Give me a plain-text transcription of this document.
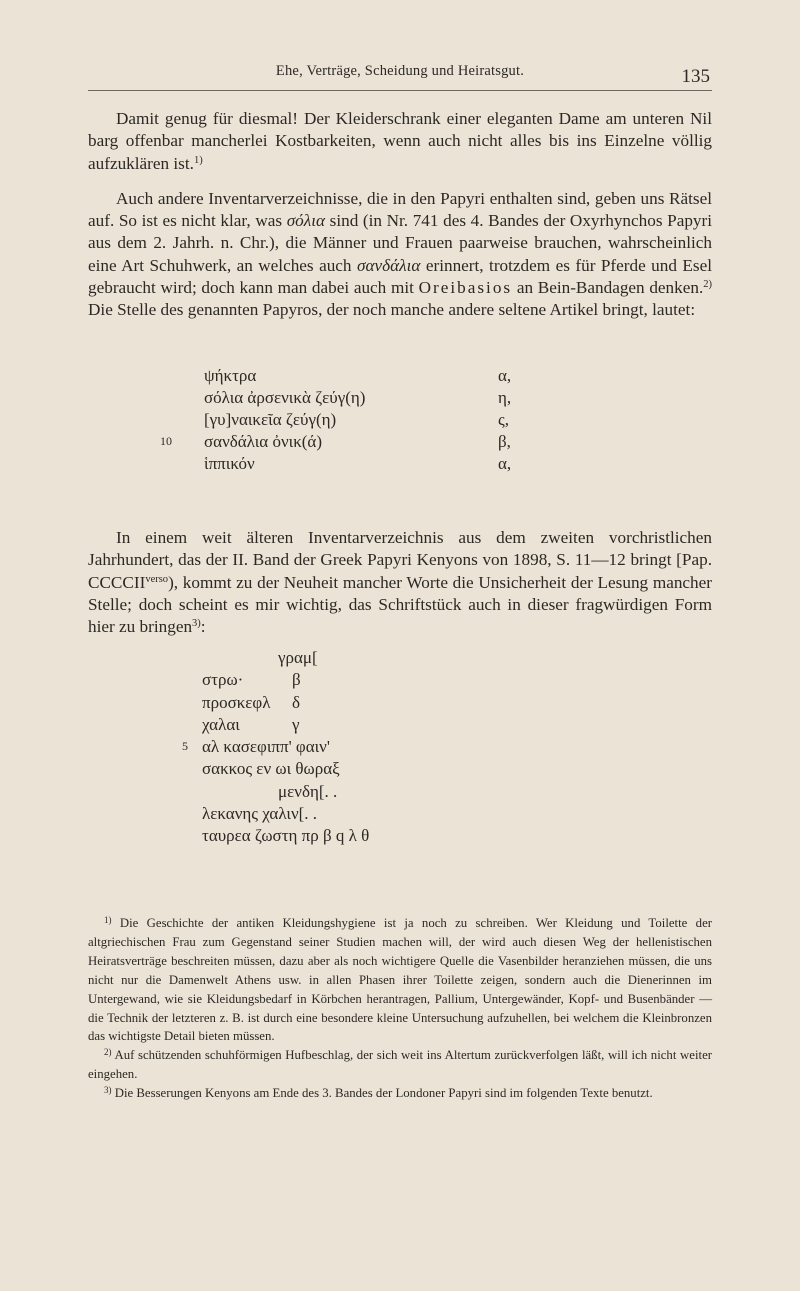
Ehe, Verträge, Scheidung und Heiratsgut.	135

Damit genug für diesmal! Der Kleiderschrank einer eleganten Dame am unteren Nil barg offenbar mancherlei Kostbarkeiten, wenn auch nicht alles bis ins Einzelne völlig aufzuklären ist.$^{1)}$

Auch andere Inventarverzeichnisse, die in den Papyri enthalten sind, geben uns Rätsel auf. So ist es nicht klar, was σόλια sind (in Nr. 741 des 4. Bandes der Oxyrhynchos Papyri aus dem 2. Jahrh. n. Chr.), die Männer und Frauen paarweise brauchen, wahrscheinlich eine Art Schuhwerk, an welches auch σανδάλια erinnert, trotzdem es für Pferde und Esel gebraucht wird; doch kann man dabei auch mit Oreibasios an Bein-Bandagen denken.$^{2)}$ Die Stelle des genannten Papyros, der noch manche andere seltene Artikel bringt, lautet:

ψήκτρα	α,
σόλια ἀρσενικὰ ζεύγ(η)	η,
[γυ]ναικεῖα ζεύγ(η)	ς,
10 σανδάλια ὀνικ(ά)	β,
ἱππικόν	α,

In einem weit älteren Inventarverzeichnis aus dem zweiten vorchristlichen Jahrhundert, das der II. Band der Greek Papyri Kenyons von 1898, S. 11—12 bringt [Pap. $CCCCII^{verso}$), kommt zu der Neuheit mancher Worte die Unsicherheit der Lesung mancher Stelle; doch scheint es mir wichtig, das Schriftstück auch in dieser fragwürdigen Form hier zu bringen$^{3)}$:

γραμ[
στρω·	β
προσκεφλ δ
χαλαι	γ
5 αλ κασεφιππ' φαιν'
σακκος εν ωι θωραξ
μενδη[. .
λεκανης χαλιν[. .
ταυρεα ζωστη πρ β q λ θ

$^{1)}$ Die Geschichte der antiken Kleidungshygiene ist ja noch zu schreiben. Wer Kleidung und Toilette der altgriechischen Frau zum Gegenstand seiner Studien machen will, der wird auch diesen Weg der hellenistischen Heiratsverträge beschreiten müssen, dazu aber als noch wichtigere Quelle die Vasenbilder heranziehen müssen, die uns nicht nur die Damenwelt Athens usw. in allen Phasen ihrer Toilette zeigen, sondern auch die Dienerinnen im Untergewand, wie sie Kleidungsbedarf in Körbchen herantragen, Pallium, Untergewänder, Kopf- und Busenbänder — die Technik der letzteren z. B. ist durch eine besondere kleine Untersuchung aufzuhellen, bei welchem die Kleinbronzen das wichtigste Detail bieten müssen.

$^{2)}$ Auf schützenden schuhförmigen Hufbeschlag, der sich weit ins Altertum zurückverfolgen läßt, will ich nicht weiter eingehen.

$^{3)}$ Die Besserungen Kenyons am Ende des 3. Bandes der Londoner Papyri sind im folgenden Texte benutzt.
